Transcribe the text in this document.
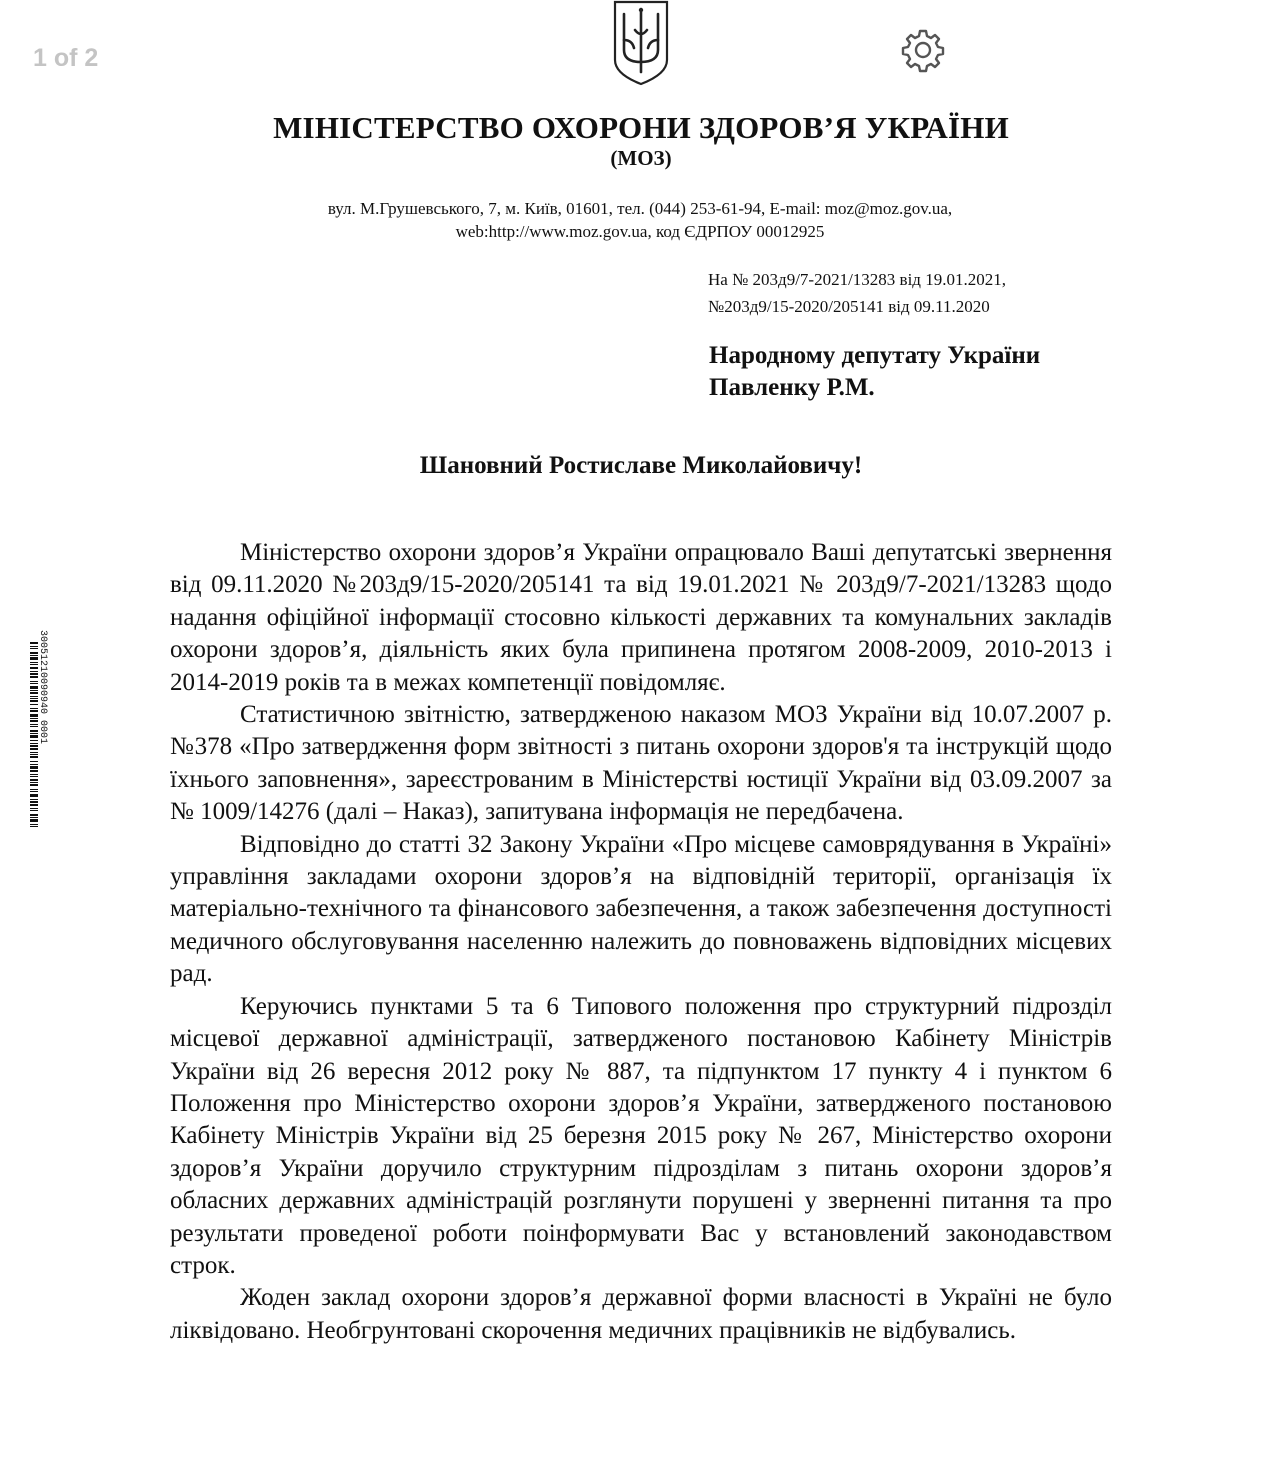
1 of 2
МІНІСТЕРСТВО ОХОРОНИ ЗДОРОВ’Я УКРАЇНИ
(МОЗ)
вул. М.Грушевського, 7, м. Київ, 01601, тел. (044) 253-61-94, E-mail: moz@moz.gov.ua,
web:http://www.moz.gov.ua, код ЄДРПОУ 00012925
На № 203д9/7-2021/13283 від 19.01.2021,
№203д9/15-2020/205141 від 09.11.2020
Народному депутату України
Павленку Р.М.
Шановний Ростиславе Миколайовичу!

Міністерство охорони здоров’я України опрацювало Ваші депутатські звернення від 09.11.2020 №203д9/15-2020/205141 та від 19.01.2021 № 203д9/7-2021/13283 щодо надання офіційної інформації стосовно кількості державних та комунальних закладів охорони здоров’я, діяльність яких була припинена протягом 2008-2009, 2010-2013 і 2014-2019 років та в межах компетенції повідомляє.

Статистичною звітністю, затвердженою наказом МОЗ України від 10.07.2007 р. №378 «Про затвердження форм звітності з питань охорони здоров'я та інструкцій щодо їхнього заповнення», зареєстрованим в Міністерстві юстиції України від 03.09.2007 за № 1009/14276 (далі – Наказ), запитувана інформація не передбачена.

Відповідно до статті 32 Закону України «Про місцеве самоврядування в Україні» управління закладами охорони здоров’я на відповідній території, організація їх матеріально-технічного та фінансового забезпечення, а також забезпечення доступності медичного обслуговування населенню належить до повноважень відповідних місцевих рад.

Керуючись пунктами 5 та 6 Типового положення про структурний підрозділ місцевої державної адміністрації, затвердженого постановою Кабінету Міністрів України від 26 вересня 2012 року № 887, та підпунктом 17 пункту 4 і пунктом 6 Положення про Міністерство охорони здоров’я України, затвердженого постановою Кабінету Міністрів України від 25 березня 2015 року № 267, Міністерство охорони здоров’я України доручило структурним підрозділам з питань охорони здоров’я обласних державних адміністрацій розглянути порушені у зверненні питання та про результати проведеної роботи поінформувати Вас у встановлений законодавством строк.

Жоден заклад охорони здоров’я державної форми власності в Україні не було ліквідовано. Необгрунтовані скорочення медичних працівників не відбувались.

30051210090940 0001
